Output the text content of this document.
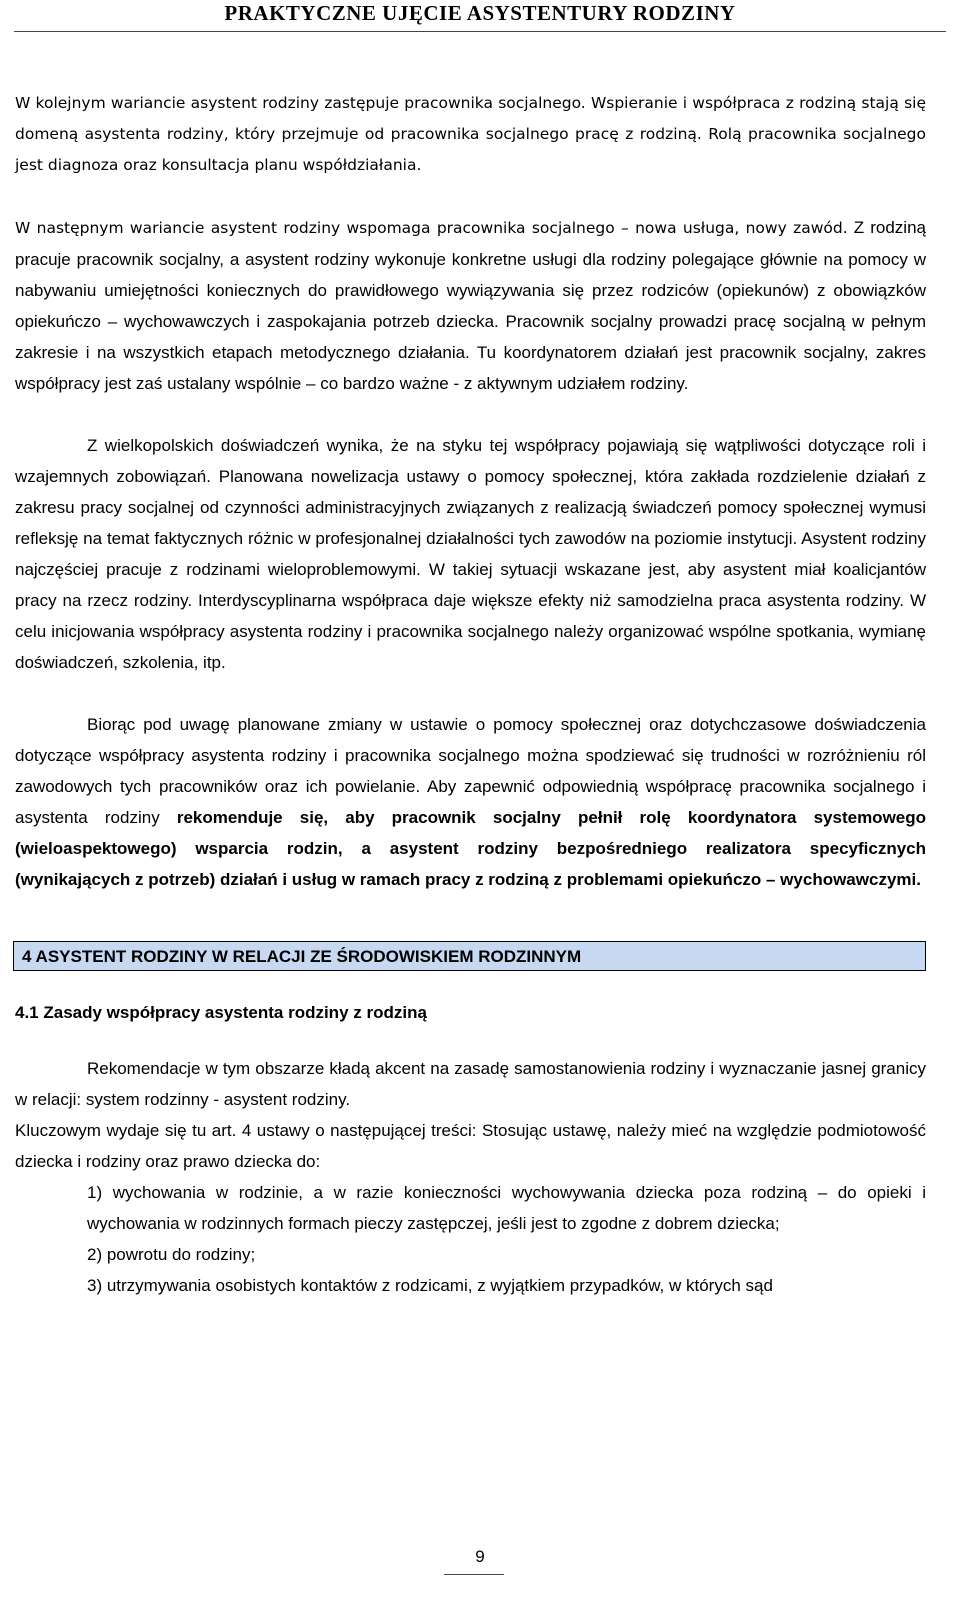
PRAKTYCZNE UJĘCIE ASYSTENTURY RODZINY

W kolejnym wariancie asystent rodziny zastępuje pracownika socjalnego. Wspieranie i współpraca z rodziną stają się domeną asystenta rodziny, który przejmuje od pracownika socjalnego pracę z rodziną. Rolą pracownika socjalnego jest diagnoza oraz konsultacja planu współdziałania.

W następnym wariancie asystent rodziny wspomaga pracownika socjalnego – nowa usługa, nowy zawód. Z rodziną pracuje pracownik socjalny, a asystent rodziny wykonuje konkretne usługi dla rodziny polegające głównie na pomocy w nabywaniu umiejętności koniecznych do prawidłowego wywiązywania się przez rodziców (opiekunów) z obowiązków opiekuńczo – wychowawczych i zaspokajania potrzeb dziecka. Pracownik socjalny prowadzi pracę socjalną w pełnym zakresie i na wszystkich etapach metodycznego działania. Tu koordynatorem działań jest pracownik socjalny, zakres współpracy jest zaś ustalany wspólnie – co bardzo ważne - z aktywnym udziałem rodziny.

Z wielkopolskich doświadczeń wynika, że na styku tej współpracy pojawiają się wątpliwości dotyczące roli i wzajemnych zobowiązań. Planowana nowelizacja ustawy o pomocy społecznej, która zakłada rozdzielenie działań z zakresu pracy socjalnej od czynności administracyjnych związanych z realizacją świadczeń pomocy społecznej wymusi refleksję na temat faktycznych różnic w profesjonalnej działalności tych zawodów na poziomie instytucji. Asystent rodziny najczęściej pracuje z rodzinami wieloproblemowymi. W takiej sytuacji wskazane jest, aby asystent miał koalicjantów pracy na rzecz rodziny. Interdyscyplinarna współpraca daje większe efekty niż samodzielna praca asystenta rodziny. W celu inicjowania współpracy asystenta rodziny i pracownika socjalnego należy organizować wspólne spotkania, wymianę doświadczeń, szkolenia, itp.

Biorąc pod uwagę planowane zmiany w ustawie o pomocy społecznej oraz dotychczasowe doświadczenia dotyczące współpracy asystenta rodziny i pracownika socjalnego można spodziewać się trudności w rozróżnieniu ról zawodowych tych pracowników oraz ich powielanie. Aby zapewnić odpowiednią współpracę pracownika socjalnego i asystenta rodziny rekomenduje się, aby pracownik socjalny pełnił rolę koordynatora systemowego (wieloaspektowego) wsparcia rodzin, a asystent rodziny bezpośredniego realizatora specyficznych (wynikających z potrzeb) działań i usług w ramach pracy z rodziną z problemami opiekuńczo – wychowawczymi.

4 ASYSTENT RODZINY W RELACJI ZE ŚRODOWISKIEM RODZINNYM
4.1 Zasady współpracy asystenta rodziny z rodziną

Rekomendacje w tym obszarze kładą akcent na zasadę samostanowienia rodziny i wyznaczanie jasnej granicy w relacji: system rodzinny - asystent rodziny.

Kluczowym wydaje się tu art. 4 ustawy o następującej treści: Stosując ustawę, należy mieć na względzie podmiotowość dziecka i rodziny oraz prawo dziecka do:

1) wychowania w rodzinie, a w razie konieczności wychowywania dziecka poza rodziną – do opieki i wychowania w rodzinnych formach pieczy zastępczej, jeśli jest to zgodne z dobrem dziecka;

2) powrotu do rodziny;

3) utrzymywania osobistych kontaktów z rodzicami, z wyjątkiem przypadków, w których sąd

9
